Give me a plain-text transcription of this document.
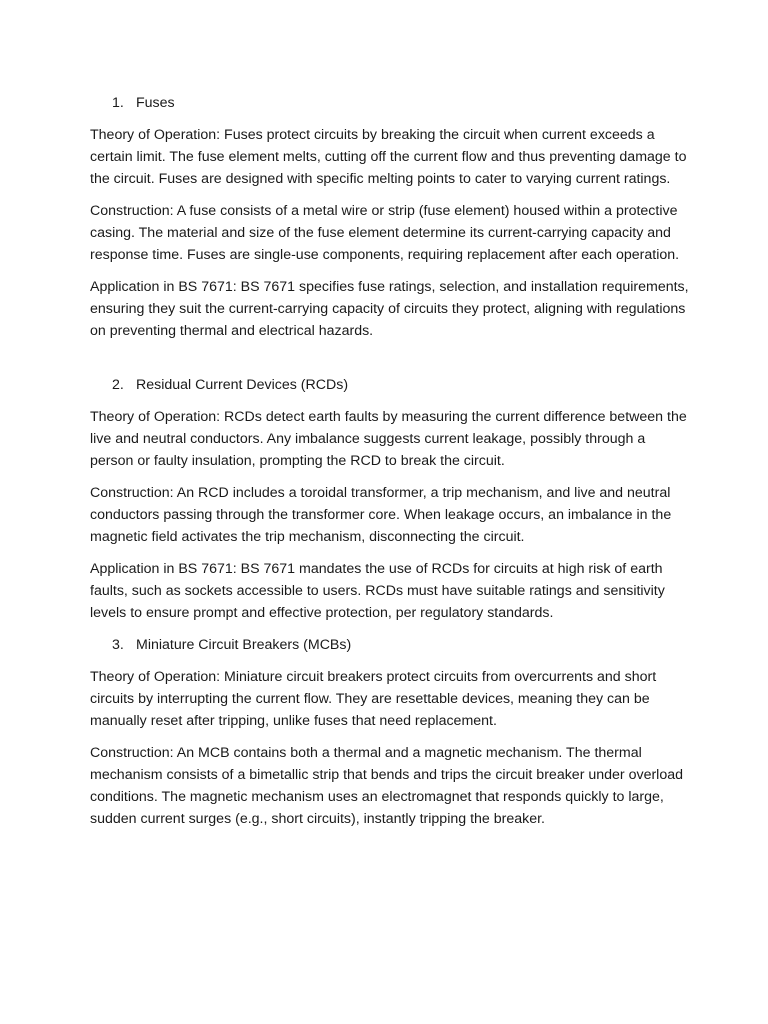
1. Fuses

Theory of Operation: Fuses protect circuits by breaking the circuit when current exceeds a certain limit. The fuse element melts, cutting off the current flow and thus preventing damage to the circuit. Fuses are designed with specific melting points to cater to varying current ratings.

Construction: A fuse consists of a metal wire or strip (fuse element) housed within a protective casing. The material and size of the fuse element determine its current-carrying capacity and response time. Fuses are single-use components, requiring replacement after each operation.

Application in BS 7671: BS 7671 specifies fuse ratings, selection, and installation requirements, ensuring they suit the current-carrying capacity of circuits they protect, aligning with regulations on preventing thermal and electrical hazards.

2. Residual Current Devices (RCDs)

Theory of Operation: RCDs detect earth faults by measuring the current difference between the live and neutral conductors. Any imbalance suggests current leakage, possibly through a person or faulty insulation, prompting the RCD to break the circuit.

Construction: An RCD includes a toroidal transformer, a trip mechanism, and live and neutral conductors passing through the transformer core. When leakage occurs, an imbalance in the magnetic field activates the trip mechanism, disconnecting the circuit.

Application in BS 7671: BS 7671 mandates the use of RCDs for circuits at high risk of earth faults, such as sockets accessible to users. RCDs must have suitable ratings and sensitivity levels to ensure prompt and effective protection, per regulatory standards.

3. Miniature Circuit Breakers (MCBs)

Theory of Operation: Miniature circuit breakers protect circuits from overcurrents and short circuits by interrupting the current flow. They are resettable devices, meaning they can be manually reset after tripping, unlike fuses that need replacement.

Construction: An MCB contains both a thermal and a magnetic mechanism. The thermal mechanism consists of a bimetallic strip that bends and trips the circuit breaker under overload conditions. The magnetic mechanism uses an electromagnet that responds quickly to large, sudden current surges (e.g., short circuits), instantly tripping the breaker.
